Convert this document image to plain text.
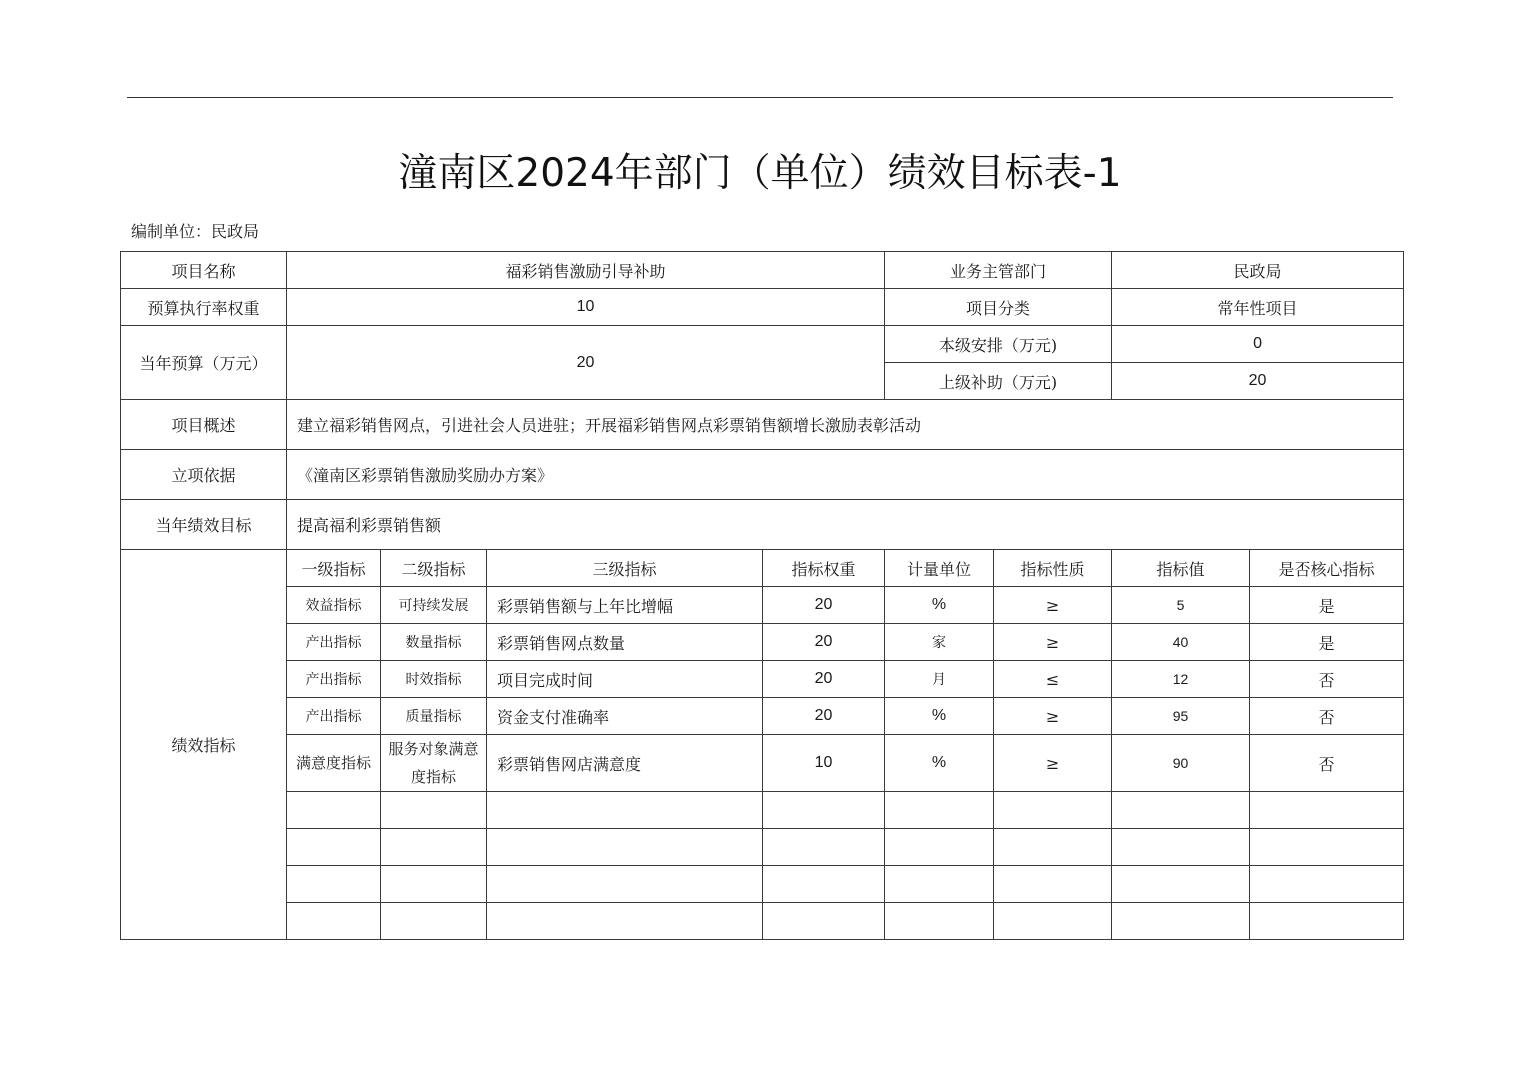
潼南区2024年部门（单位）绩效目标表-1
编制单位：民政局
项目名称	福彩销售激励引导补助				业务主管部门		民政局	
预算执行率权重	10				项目分类		常年性项目	
当年预算（万元）	20				本级安排（万元)		0	
					上级补助（万元)		20	
项目概述	建立福彩销售网点，引进社会人员进驻；开展福彩销售网点彩票销售额增长激励表彰活动							
立项依据	《潼南区彩票销售激励奖励办方案》							
当年绩效目标	提高福利彩票销售额							
绩效指标	一级指标	二级指标	三级指标	指标权重	计量单位	指标性质	指标值	是否核心指标
	效益指标	可持续发展	彩票销售额与上年比增幅	20	%	≥	5	是
	产出指标	数量指标	彩票销售网点数量	20	家	≥	40	是
	产出指标	时效指标	项目完成时间	20	月	≤	12	否
	产出指标	质量指标	资金支付准确率	20	%	≥	95	否
	满意度指标	服务对象满意度指标	彩票销售网店满意度	10	%	≥	90	否
